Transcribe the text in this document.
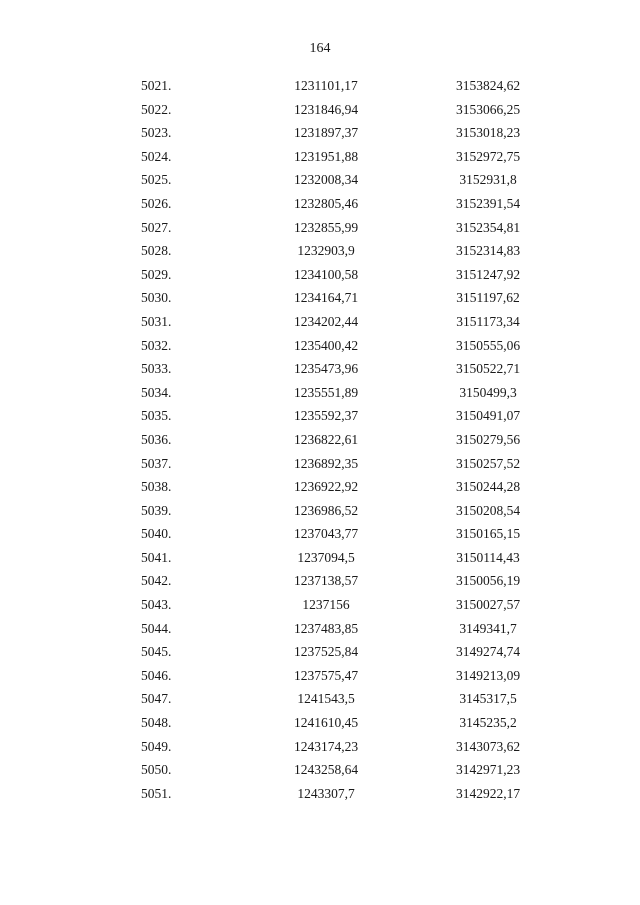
164
5021.	1231101,17	3153824,62
5022.	1231846,94	3153066,25
5023.	1231897,37	3153018,23
5024.	1231951,88	3152972,75
5025.	1232008,34	3152931,8
5026.	1232805,46	3152391,54
5027.	1232855,99	3152354,81
5028.	1232903,9	3152314,83
5029.	1234100,58	3151247,92
5030.	1234164,71	3151197,62
5031.	1234202,44	3151173,34
5032.	1235400,42	3150555,06
5033.	1235473,96	3150522,71
5034.	1235551,89	3150499,3
5035.	1235592,37	3150491,07
5036.	1236822,61	3150279,56
5037.	1236892,35	3150257,52
5038.	1236922,92	3150244,28
5039.	1236986,52	3150208,54
5040.	1237043,77	3150165,15
5041.	1237094,5	3150114,43
5042.	1237138,57	3150056,19
5043.	1237156	3150027,57
5044.	1237483,85	3149341,7
5045.	1237525,84	3149274,74
5046.	1237575,47	3149213,09
5047.	1241543,5	3145317,5
5048.	1241610,45	3145235,2
5049.	1243174,23	3143073,62
5050.	1243258,64	3142971,23
5051.	1243307,7	3142922,17
